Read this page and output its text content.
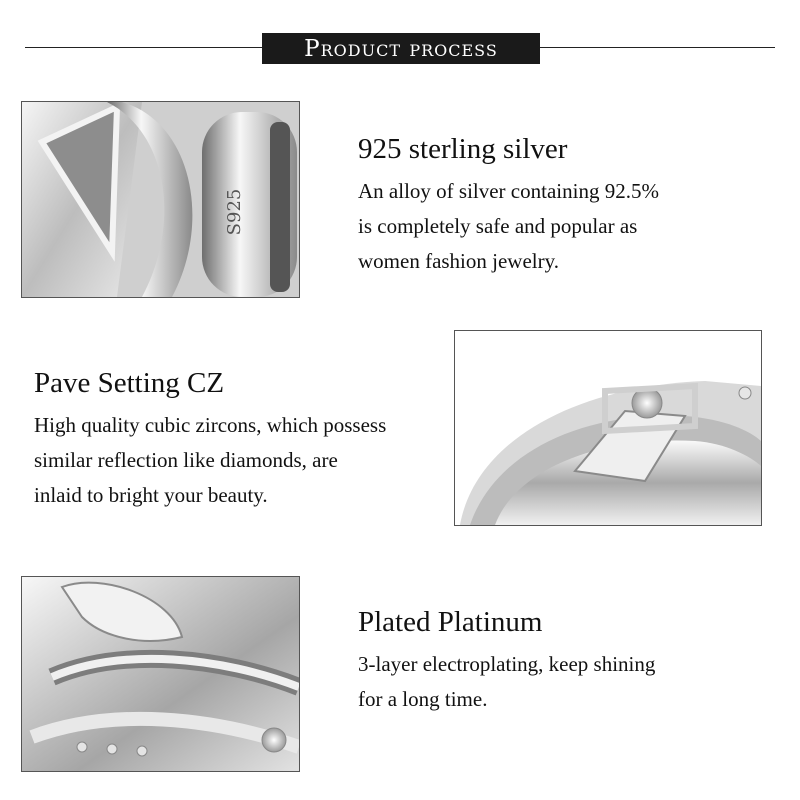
Product process
S925
925 sterling silver
An alloy of silver containing 92.5%
is completely safe and popular as
women fashion jewelry.
Pave Setting CZ
High quality cubic zircons, which possess
similar reflection like diamonds, are
inlaid to bright your beauty.
Plated Platinum
3-layer electroplating, keep shining
for a long time.
